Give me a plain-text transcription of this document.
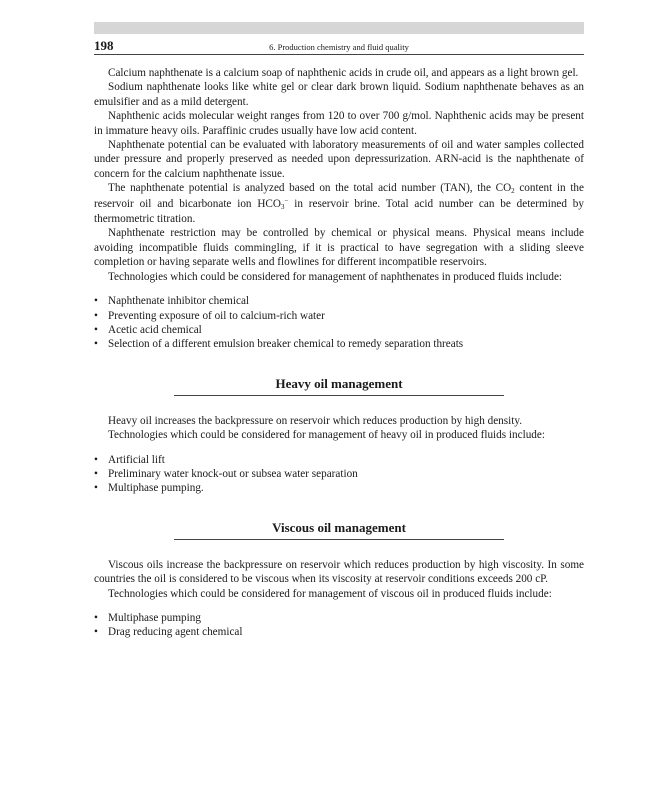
198	6. Production chemistry and fluid quality

Calcium naphthenate is a calcium soap of naphthenic acids in crude oil, and appears as a light brown gel.

Sodium naphthenate looks like white gel or clear dark brown liquid. Sodium naphthenate behaves as an emulsifier and as a mild detergent.

Naphthenic acids molecular weight ranges from 120 to over 700 g/mol. Naphthenic acids may be present in immature heavy oils. Paraffinic crudes usually have low acid content.

Naphthenate potential can be evaluated with laboratory measurements of oil and water samples collected under pressure and properly preserved as needed upon depressurization. ARN-acid is the naphthenate of concern for the calcium naphthenate issue.

The naphthenate potential is analyzed based on the total acid number (TAN), the $CO_2$ content in the reservoir oil and bicarbonate ion $HCO_3^-$ in reservoir brine. Total acid number can be determined by thermometric titration.

Naphthenate restriction may be controlled by chemical or physical means. Physical means include avoiding incompatible fluids commingling, if it is practical to have segregation with a sliding sleeve completion or having separate wells and flowlines for different incompatible reservoirs.

Technologies which could be considered for management of naphthenates in produced fluids include:

• Naphthenate inhibitor chemical
• Preventing exposure of oil to calcium-rich water
• Acetic acid chemical
• Selection of a different emulsion breaker chemical to remedy separation threats
Heavy oil management

Heavy oil increases the backpressure on reservoir which reduces production by high density.

Technologies which could be considered for management of heavy oil in produced fluids include:

• Artificial lift
• Preliminary water knock-out or subsea water separation
• Multiphase pumping.
Viscous oil management

Viscous oils increase the backpressure on reservoir which reduces production by high viscosity. In some countries the oil is considered to be viscous when its viscosity at reservoir conditions exceeds 200 cP.

Technologies which could be considered for management of viscous oil in produced fluids include:

• Multiphase pumping
• Drag reducing agent chemical
